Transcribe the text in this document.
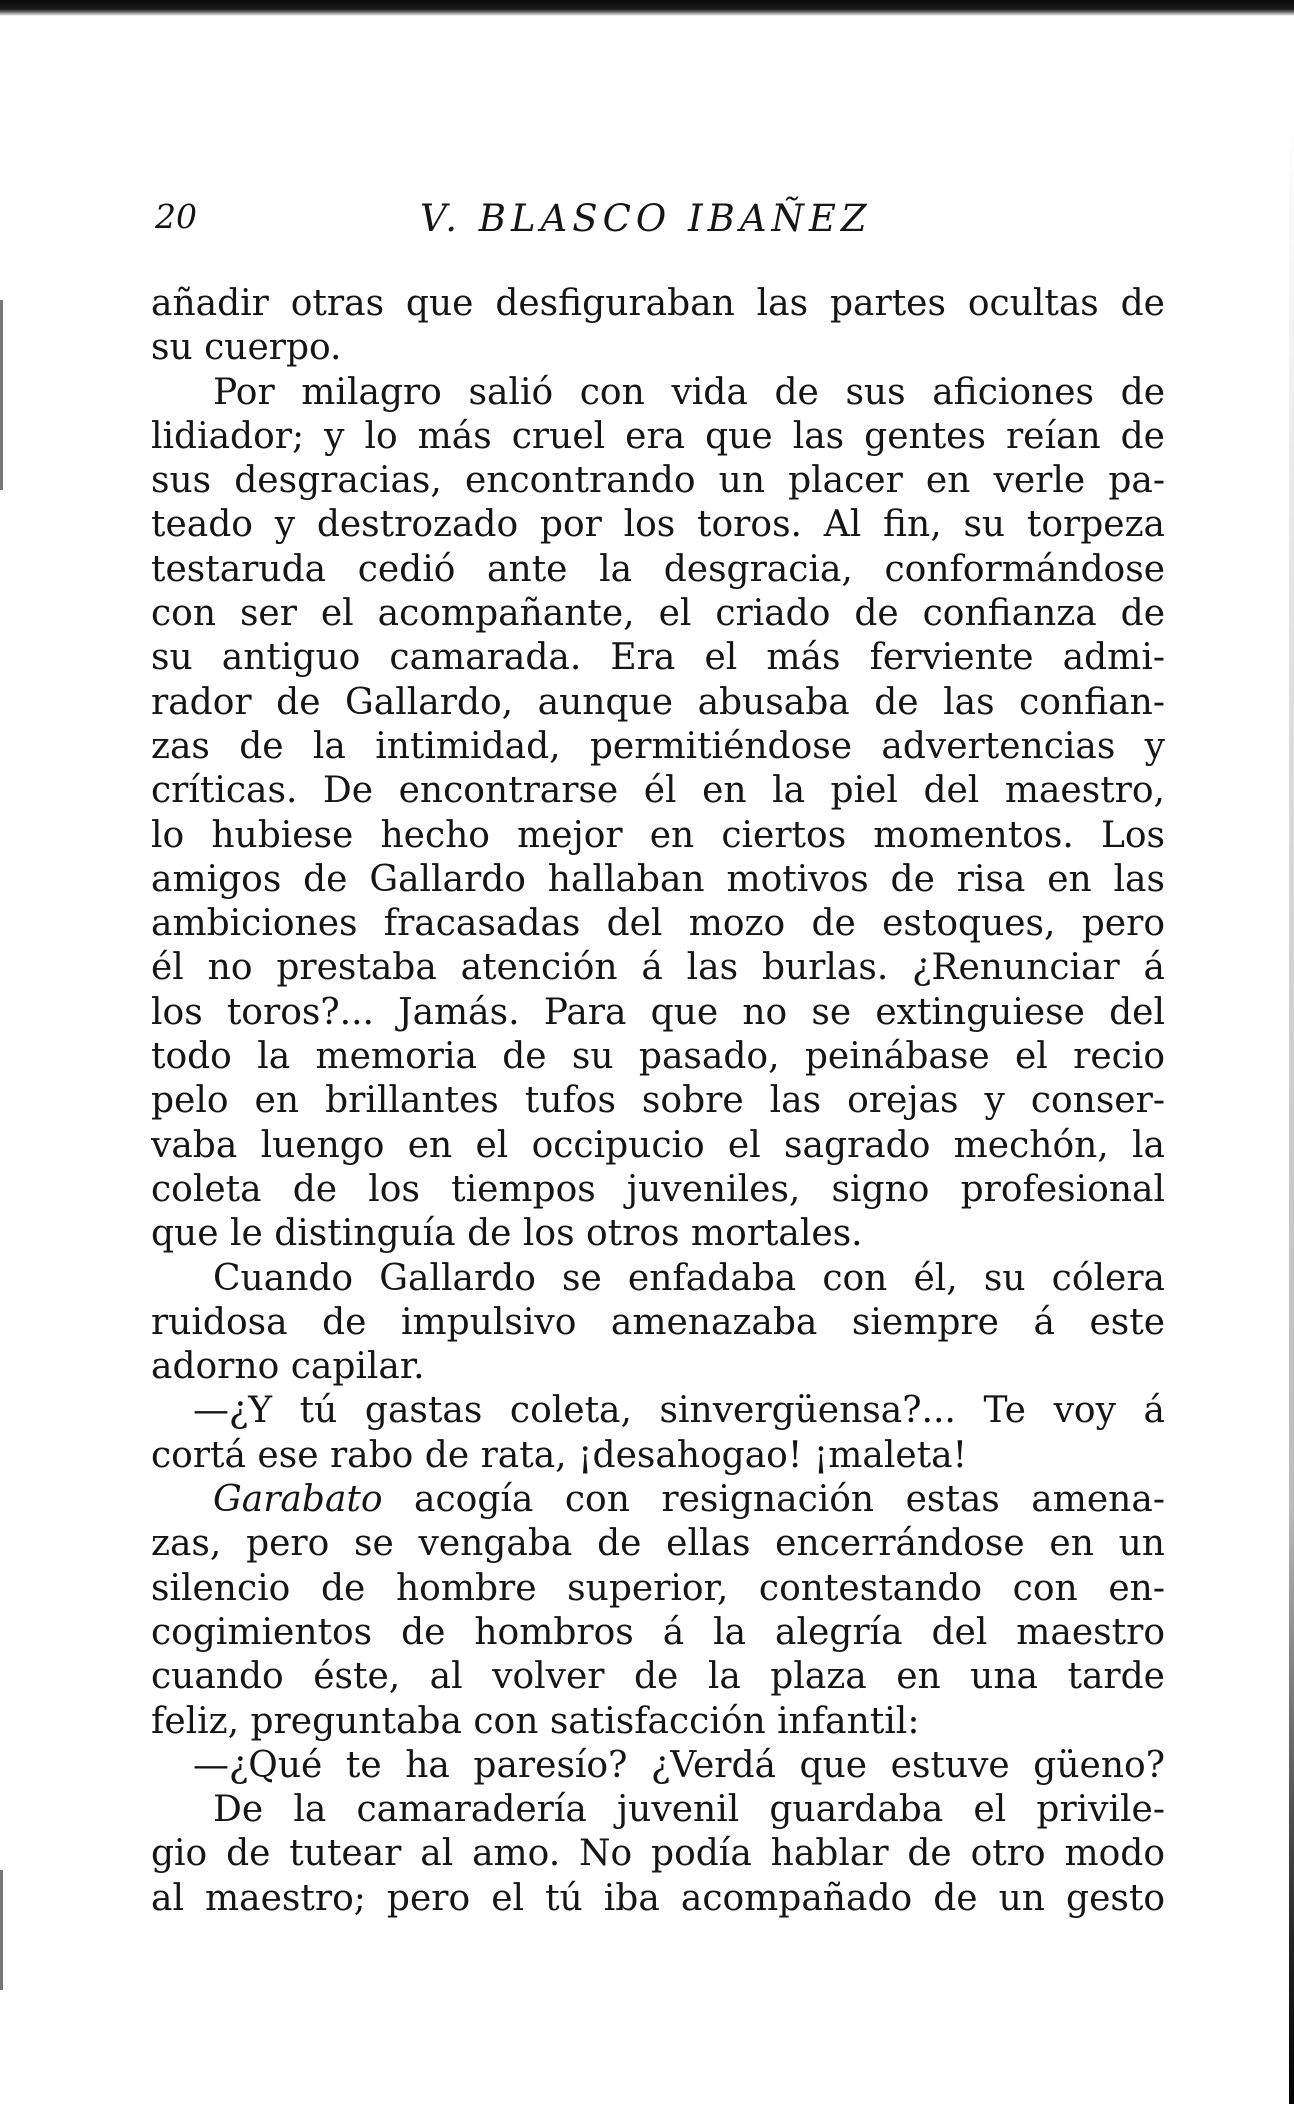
20	V. BLASCO IBAÑEZ
añadir otras que desfiguraban las partes ocultas de
su cuerpo.
Por milagro salió con vida de sus aficiones de
lidiador; y lo más cruel era que las gentes reían de
sus desgracias, encontrando un placer en verle pa-
teado y destrozado por los toros. Al fin, su torpeza
testaruda cedió ante la desgracia, conformándose
con ser el acompañante, el criado de confianza de
su antiguo camarada. Era el más ferviente admi-
rador de Gallardo, aunque abusaba de las confian-
zas de la intimidad, permitiéndose advertencias y
críticas. De encontrarse él en la piel del maestro,
lo hubiese hecho mejor en ciertos momentos. Los
amigos de Gallardo hallaban motivos de risa en las
ambiciones fracasadas del mozo de estoques, pero
él no prestaba atención á las burlas. ¿Renunciar á
los toros?... Jamás. Para que no se extinguiese del
todo la memoria de su pasado, peinábase el recio
pelo en brillantes tufos sobre las orejas y conser-
vaba luengo en el occipucio el sagrado mechón, la
coleta de los tiempos juveniles, signo profesional
que le distinguía de los otros mortales.
Cuando Gallardo se enfadaba con él, su cólera
ruidosa de impulsivo amenazaba siempre á este
adorno capilar.
—¿Y tú gastas coleta, sinvergüensa?... Te voy á
cortá ese rabo de rata, ¡desahogao! ¡maleta!
Garabato acogía con resignación estas amena-
zas, pero se vengaba de ellas encerrándose en un
silencio de hombre superior, contestando con en-
cogimientos de hombros á la alegría del maestro
cuando éste, al volver de la plaza en una tarde
feliz, preguntaba con satisfacción infantil:
—¿Qué te ha paresío? ¿Verdá que estuve güeno?
De la camaradería juvenil guardaba el privile-
gio de tutear al amo. No podía hablar de otro modo
al maestro; pero el tú iba acompañado de un gesto
